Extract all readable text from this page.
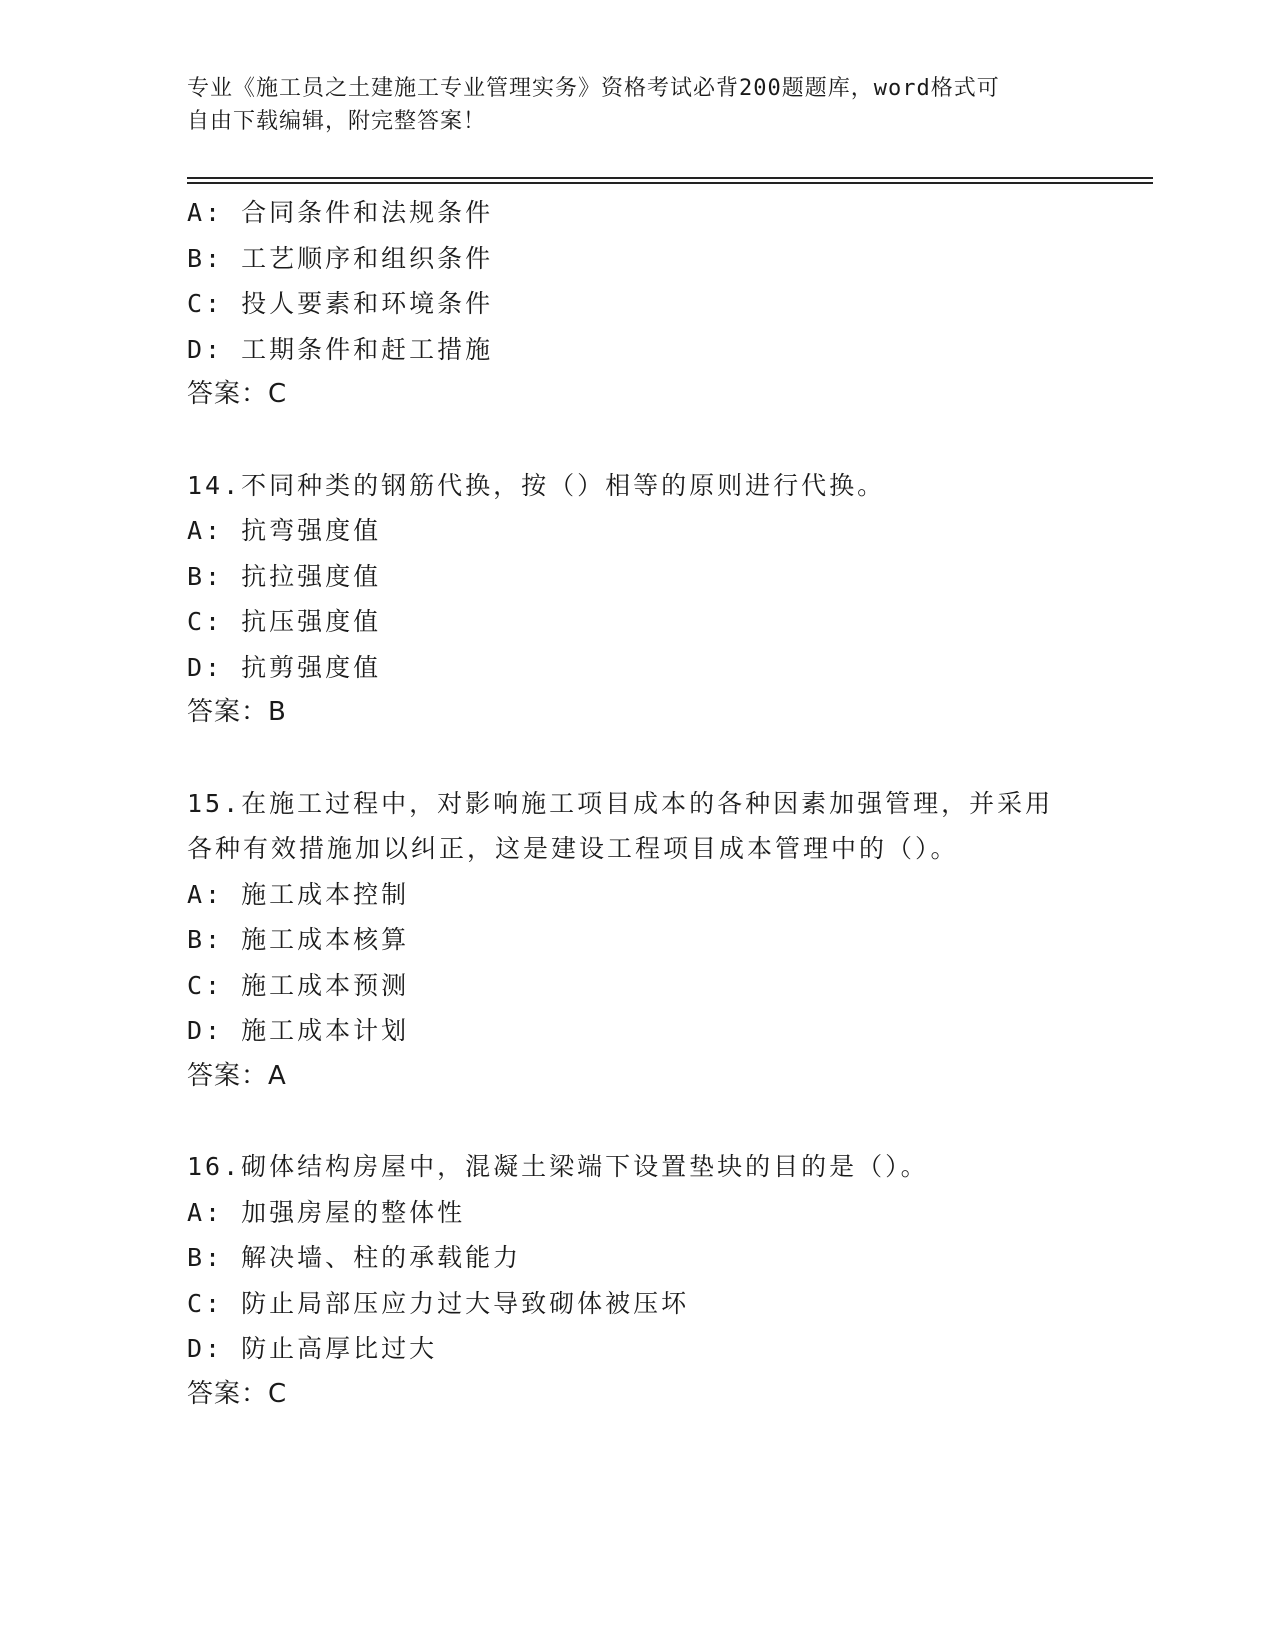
专业《施工员之土建施工专业管理实务》资格考试必背200题题库，word格式可
自由下载编辑，附完整答案！
A: 合同条件和法规条件
B: 工艺顺序和组织条件
C: 投人要素和环境条件
D: 工期条件和赶工措施
答案：C
14.不同种类的钢筋代换，按（）相等的原则进行代换。
A: 抗弯强度值
B: 抗拉强度值
C: 抗压强度值
D: 抗剪强度值
答案：B
15.在施工过程中，对影响施工项目成本的各种因素加强管理，并采用
各种有效措施加以纠正，这是建设工程项目成本管理中的（）。
A: 施工成本控制
B: 施工成本核算
C: 施工成本预测
D: 施工成本计划
答案：A
16.砌体结构房屋中，混凝土梁端下设置垫块的目的是（）。
A: 加强房屋的整体性
B: 解决墙、柱的承载能力
C: 防止局部压应力过大导致砌体被压坏
D: 防止高厚比过大
答案：C
